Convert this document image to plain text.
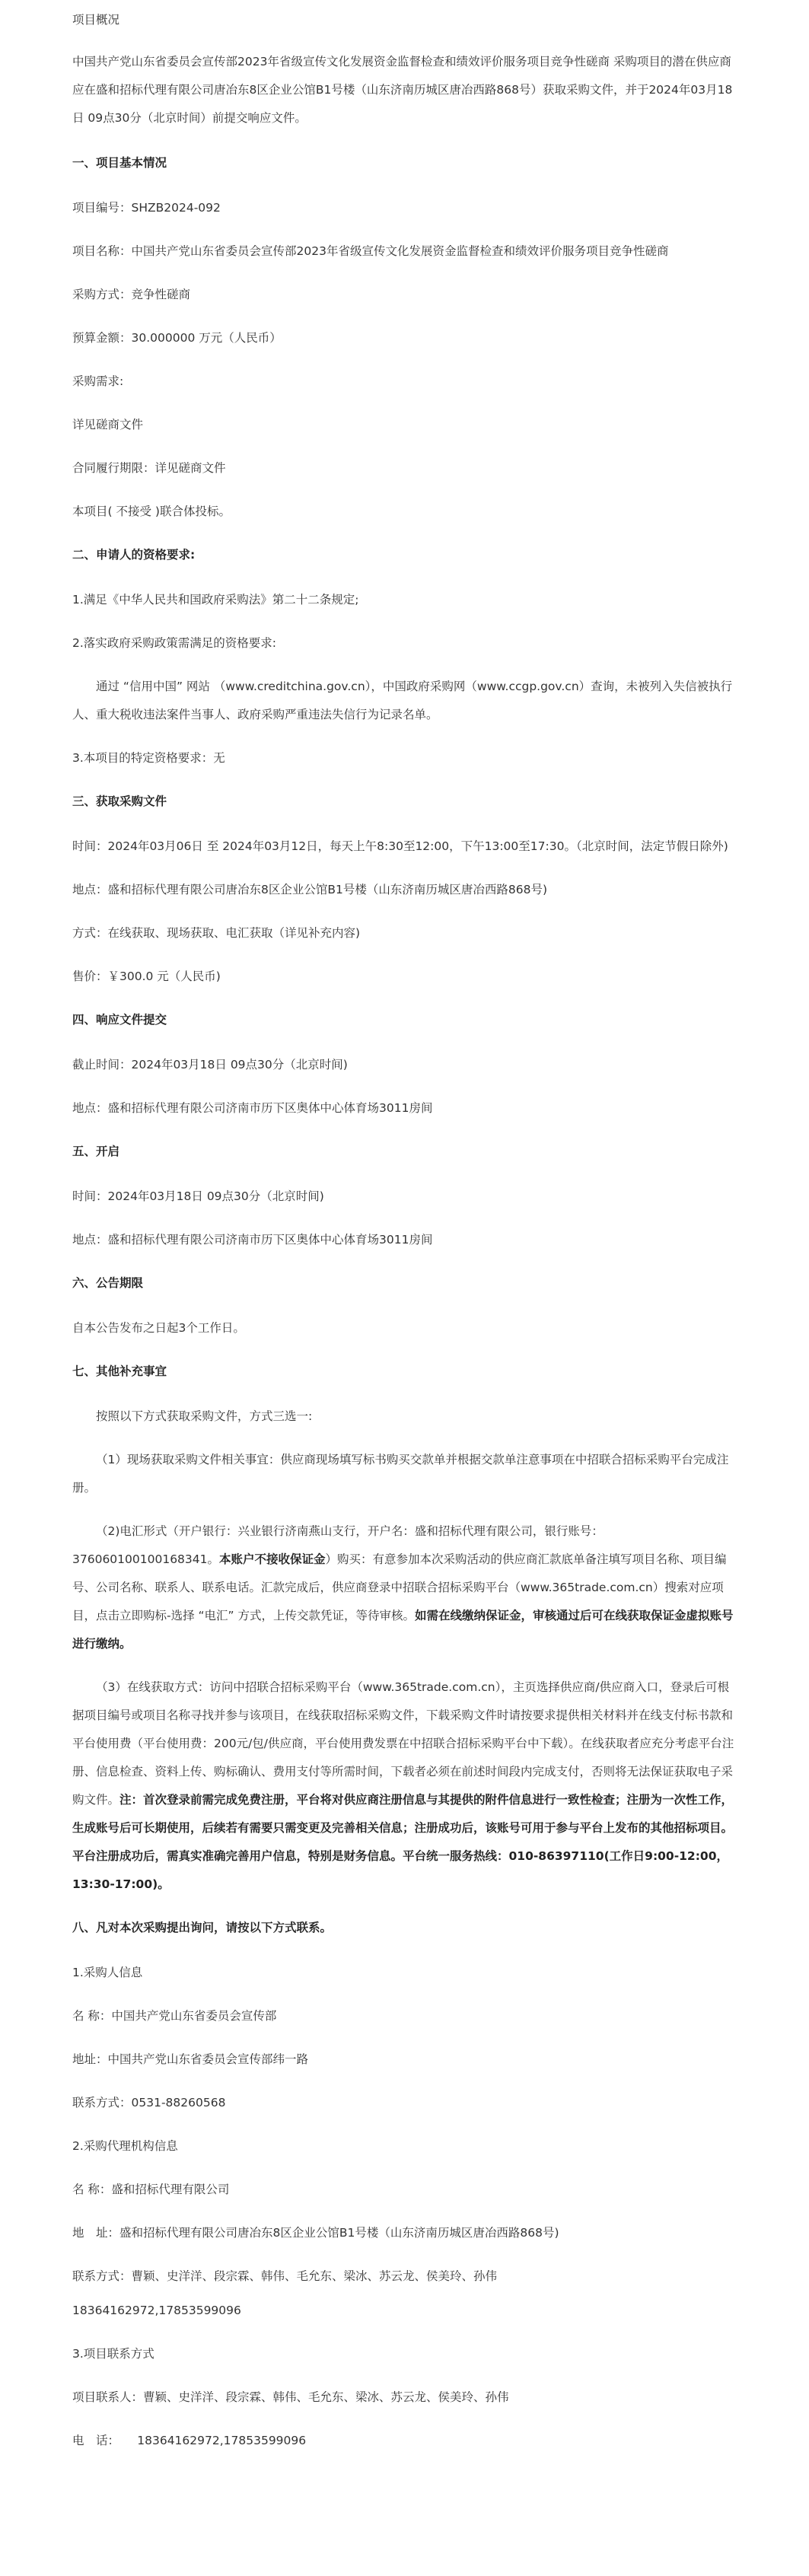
项目概况

中国共产党山东省委员会宣传部2023年省级宣传文化发展资金监督检查和绩效评价服务项目竞争性磋商 采购项目的潜在供应商应在盛和招标代理有限公司唐冶东8区企业公馆B1号楼（山东济南历城区唐冶西路868号）获取采购文件，并于2024年03月18日 09点30分（北京时间）前提交响应文件。

一、项目基本情况

项目编号：SHZB2024-092

项目名称：中国共产党山东省委员会宣传部2023年省级宣传文化发展资金监督检查和绩效评价服务项目竞争性磋商

采购方式：竞争性磋商

预算金额：30.000000 万元（人民币）

采购需求:

详见磋商文件

合同履行期限：详见磋商文件

本项目( 不接受 )联合体投标。

二、申请人的资格要求:

1.满足《中华人民共和国政府采购法》第二十二条规定;

2.落实政府采购政策需满足的资格要求:

通过 “信用中国” 网站 （www.creditchina.gov.cn），中国政府采购网（www.ccgp.gov.cn）查询，未被列入失信被执行人、重大税收违法案件当事人、政府采购严重违法失信行为记录名单。

3.本项目的特定资格要求：无

三、获取采购文件

时间：2024年03月06日 至 2024年03月12日，每天上午8:30至12:00，下午13:00至17:30。（北京时间，法定节假日除外)

地点：盛和招标代理有限公司唐冶东8区企业公馆B1号楼（山东济南历城区唐冶西路868号)

方式：在线获取、现场获取、电汇获取（详见补充内容)

售价：￥300.0 元（人民币)

四、响应文件提交

截止时间：2024年03月18日 09点30分（北京时间)

地点：盛和招标代理有限公司济南市历下区奥体中心体育场3011房间

五、开启

时间：2024年03月18日 09点30分（北京时间)

地点：盛和招标代理有限公司济南市历下区奥体中心体育场3011房间

六、公告期限

自本公告发布之日起3个工作日。

七、其他补充事宜

按照以下方式获取采购文件，方式三选一:

（1）现场获取采购文件相关事宜：供应商现场填写标书购买交款单并根据交款单注意事项在中招联合招标采购平台完成注册。

（2)电汇形式（开户银行：兴业银行济南燕山支行，开户名：盛和招标代理有限公司，银行账号：376060100100168341。本账户不接收保证金）购买：有意参加本次采购活动的供应商汇款底单备注填写项目名称、项目编号、公司名称、联系人、联系电话。汇款完成后，供应商登录中招联合招标采购平台（www.365trade.com.cn）搜索对应项目，点击立即购标-选择 “电汇” 方式，上传交款凭证，等待审核。如需在线缴纳保证金，审核通过后可在线获取保证金虚拟账号进行缴纳。

（3）在线获取方式：访问中招联合招标采购平台（www.365trade.com.cn），主页选择供应商/供应商入口，登录后可根据项目编号或项目名称寻找并参与该项目，在线获取招标采购文件，下载采购文件时请按要求提供相关材料并在线支付标书款和平台使用费（平台使用费：200元/包/供应商，平台使用费发票在中招联合招标采购平台中下载）。在线获取者应充分考虑平台注册、信息检查、资料上传、购标确认、费用支付等所需时间，下载者必须在前述时间段内完成支付，否则将无法保证获取电子采购文件。注：首次登录前需完成免费注册，平台将对供应商注册信息与其提供的附件信息进行一致性检查；注册为一次性工作，生成账号后可长期使用，后续若有需要只需变更及完善相关信息；注册成功后，该账号可用于参与平台上发布的其他招标项目。平台注册成功后，需真实准确完善用户信息，特别是财务信息。平台统一服务热线：010-86397110(工作日9:00-12:00，13:30-17:00)。

八、凡对本次采购提出询问，请按以下方式联系。

1.采购人信息

名 称：中国共产党山东省委员会宣传部

地址：中国共产党山东省委员会宣传部纬一路

联系方式：0531-88260568

2.采购代理机构信息

名 称：盛和招标代理有限公司

地　址：盛和招标代理有限公司唐冶东8区企业公馆B1号楼（山东济南历城区唐冶西路868号)

联系方式：曹颖、史洋洋、段宗霖、韩伟、毛允东、梁冰、苏云龙、侯美玲、孙伟

18364162972,17853599096

3.项目联系方式

项目联系人：曹颖、史洋洋、段宗霖、韩伟、毛允东、梁冰、苏云龙、侯美玲、孙伟

电　话：　　18364162972,17853599096
